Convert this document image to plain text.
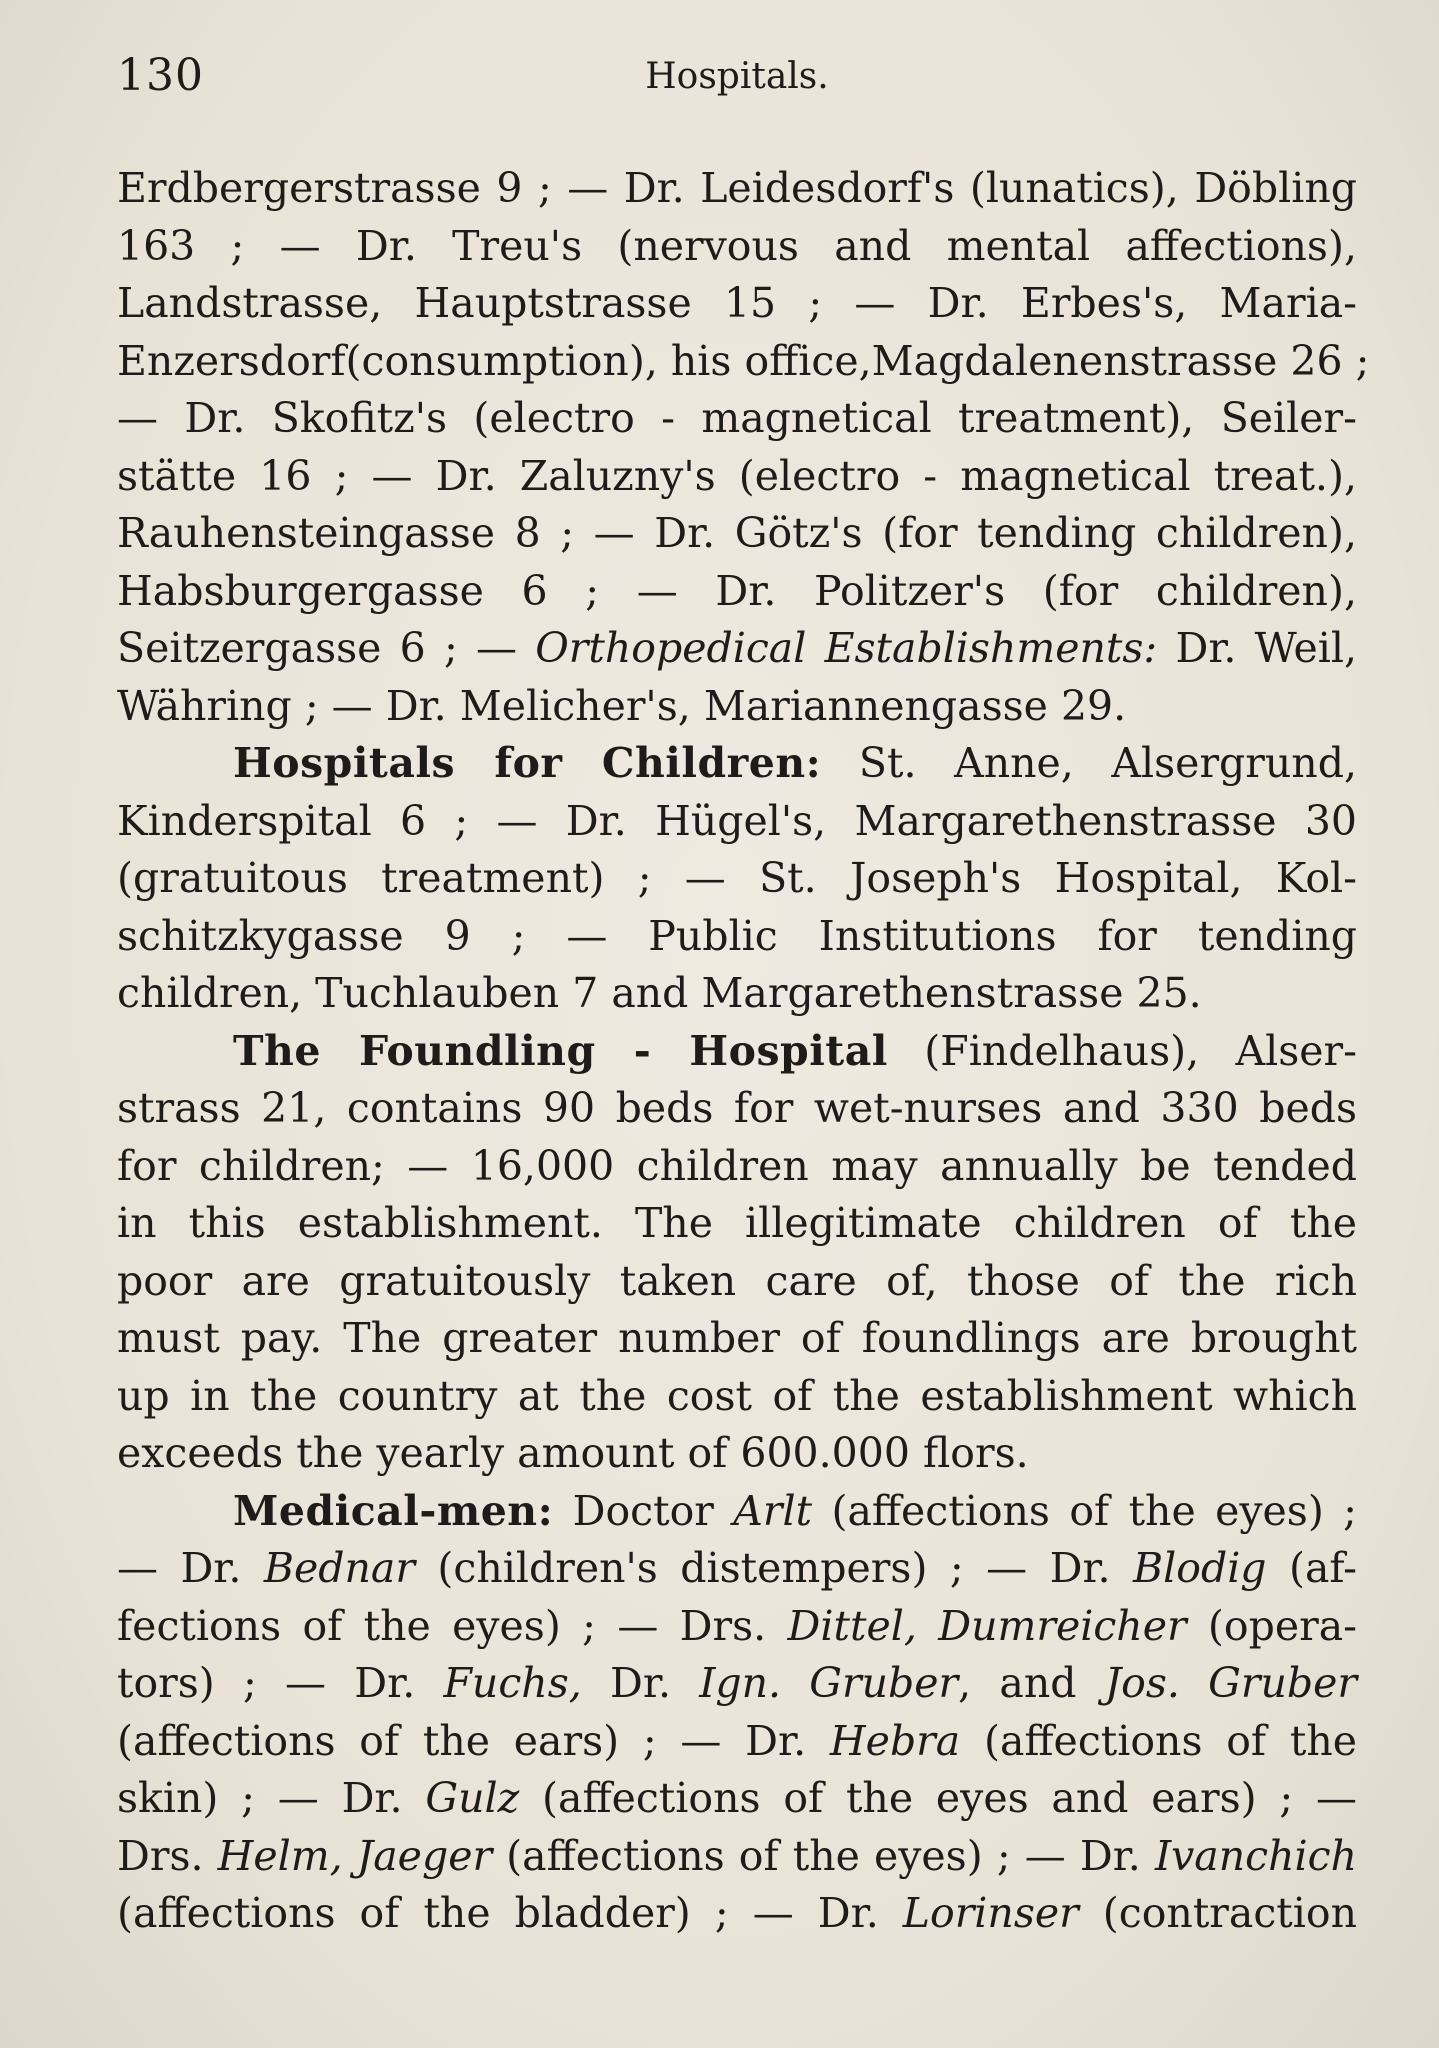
130	Hospitals.
Erdbergerstrasse 9 ; — Dr. Leidesdorf's (lunatics), Döbling
163 ; — Dr. Treu's (nervous and mental affections),
Landstrasse, Hauptstrasse 15 ; — Dr. Erbes's, Maria-
Enzersdorf(consumption), his office,Magdalenenstrasse 26 ;
— Dr. Skofitz's (electro - magnetical treatment), Seiler-
stätte 16 ; — Dr. Zaluzny's (electro - magnetical treat.),
Rauhensteingasse 8 ; — Dr. Götz's (for tending children),
Habsburgergasse 6 ; — Dr. Politzer's (for children),
Seitzergasse 6 ; — Orthopedical Establishments: Dr. Weil,
Währing ; — Dr. Melicher's, Mariannengasse 29.
Hospitals for Children: St. Anne, Alsergrund,
Kinderspital 6 ; — Dr. Hügel's, Margarethenstrasse 30
(gratuitous treatment) ; — St. Joseph's Hospital, Kol-
schitzkygasse 9 ; — Public Institutions for tending
children, Tuchlauben 7 and Margarethenstrasse 25.
The Foundling - Hospital (Findelhaus), Alser-
strass 21, contains 90 beds for wet-nurses and 330 beds
for children; — 16,000 children may annually be tended
in this establishment. The illegitimate children of the
poor are gratuitously taken care of, those of the rich
must pay. The greater number of foundlings are brought
up in the country at the cost of the establishment which
exceeds the yearly amount of 600.000 flors.
Medical-men: Doctor Arlt (affections of the eyes) ;
— Dr. Bednar (children's distempers) ; — Dr. Blodig (af-
fections of the eyes) ; — Drs. Dittel, Dumreicher (opera-
tors) ; — Dr. Fuchs, Dr. Ign. Gruber, and Jos. Gruber
(affections of the ears) ; — Dr. Hebra (affections of the
skin) ; — Dr. Gulz (affections of the eyes and ears) ; —
Drs. Helm, Jaeger (affections of the eyes) ; — Dr. Ivanchich
(affections of the bladder) ; — Dr. Lorinser (contraction
